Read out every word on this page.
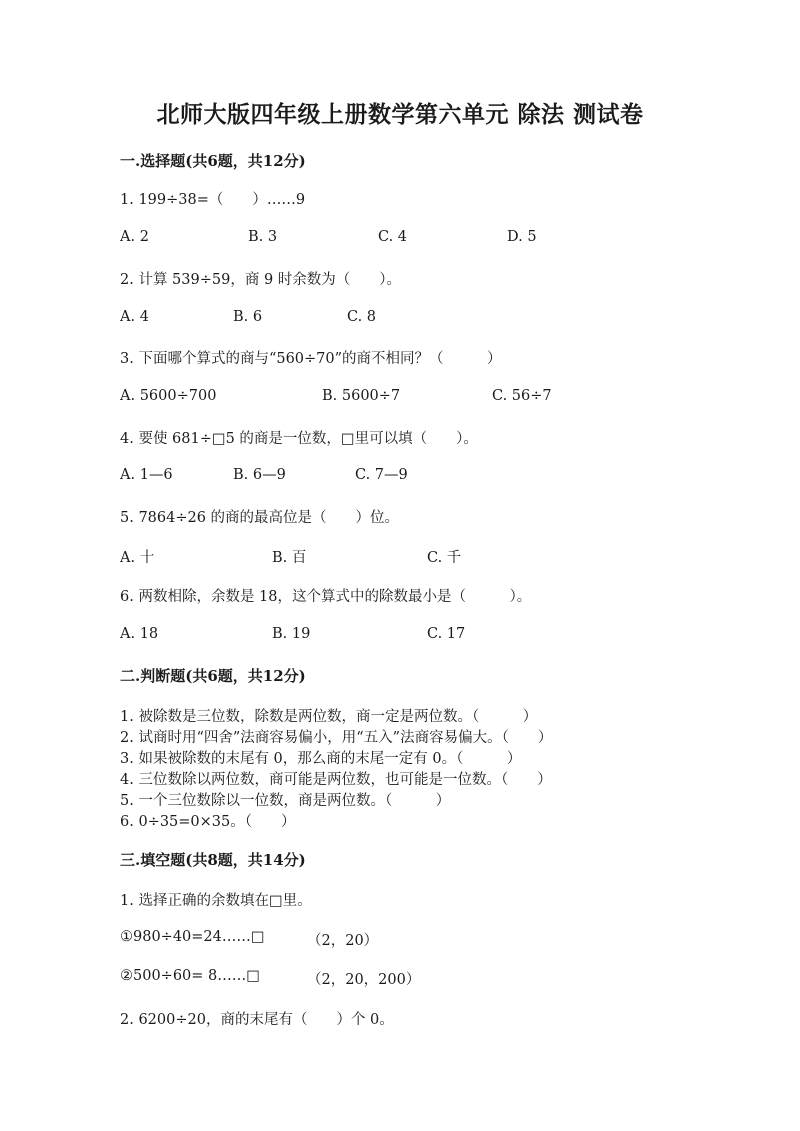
北师大版四年级上册数学第六单元 除法 测试卷
一.选择题(共6题，共12分)
1. 199÷38=（　　）……9
A. 2	B. 3	C. 4	D. 5
2. 计算 539÷59，商 9 时余数为（　　）。
A. 4	B. 6	C. 8
3. 下面哪个算式的商与“560÷70”的商不相同？（　　　）
A. 5600÷700	B. 5600÷7	C. 56÷7
4. 要使 681÷□5 的商是一位数，□里可以填（　　）。
A. 1—6	B. 6—9	C. 7—9
5. 7864÷26 的商的最高位是（　　）位。
A. 十	B. 百	C. 千
6. 两数相除，余数是 18，这个算式中的除数最小是（　　　）。
A. 18	B. 19	C. 17
二.判断题(共6题，共12分)
1. 被除数是三位数，除数是两位数，商一定是两位数。（　　　）
2. 试商时用“四舍”法商容易偏小，用“五入”法商容易偏大。（　　）
3. 如果被除数的末尾有 0，那么商的末尾一定有 0。（　　　）
4. 三位数除以两位数，商可能是两位数，也可能是一位数。（　　）
5. 一个三位数除以一位数，商是两位数。（　　　）
6. 0÷35=0×35。（　　）
三.填空题(共8题，共14分)
1. 选择正确的余数填在□里。
①980÷40=24……□	（2，20）
②500÷60= 8……□	（2，20，200）
2. 6200÷20，商的末尾有（　　）个 0。
